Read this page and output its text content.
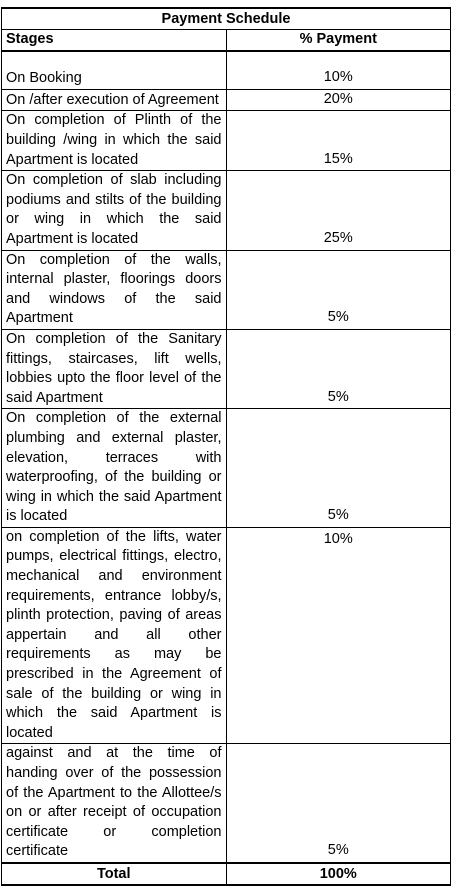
Payment Schedule	
Stages	% Payment
On Booking	10%
On /after execution of Agreement	20%
On completion of Plinth of the building /wing in which the said Apartment is located	15%
On completion of slab including podiums and stilts of the building or wing in which the said Apartment is located	25%
On completion of the walls, internal plaster, floorings doors and windows of the said Apartment	5%
On completion of the Sanitary fittings, staircases, lift wells, lobbies upto the floor level of the said Apartment	5%
On completion of the external plumbing and external plaster, elevation, terraces with waterproofing, of the building or wing in which the said Apartment is located	5%
on completion of the lifts, water pumps, electrical fittings, electro, mechanical and environment requirements, entrance lobby/s, plinth protection, paving of areas appertain and all other requirements as may be prescribed in the Agreement of sale of the building or wing in which the said Apartment is located	10%
against and at the time of handing over of the possession of the Apartment to the Allottee/s on or after receipt of occupation certificate or completion certificate	5%
Total	100%
